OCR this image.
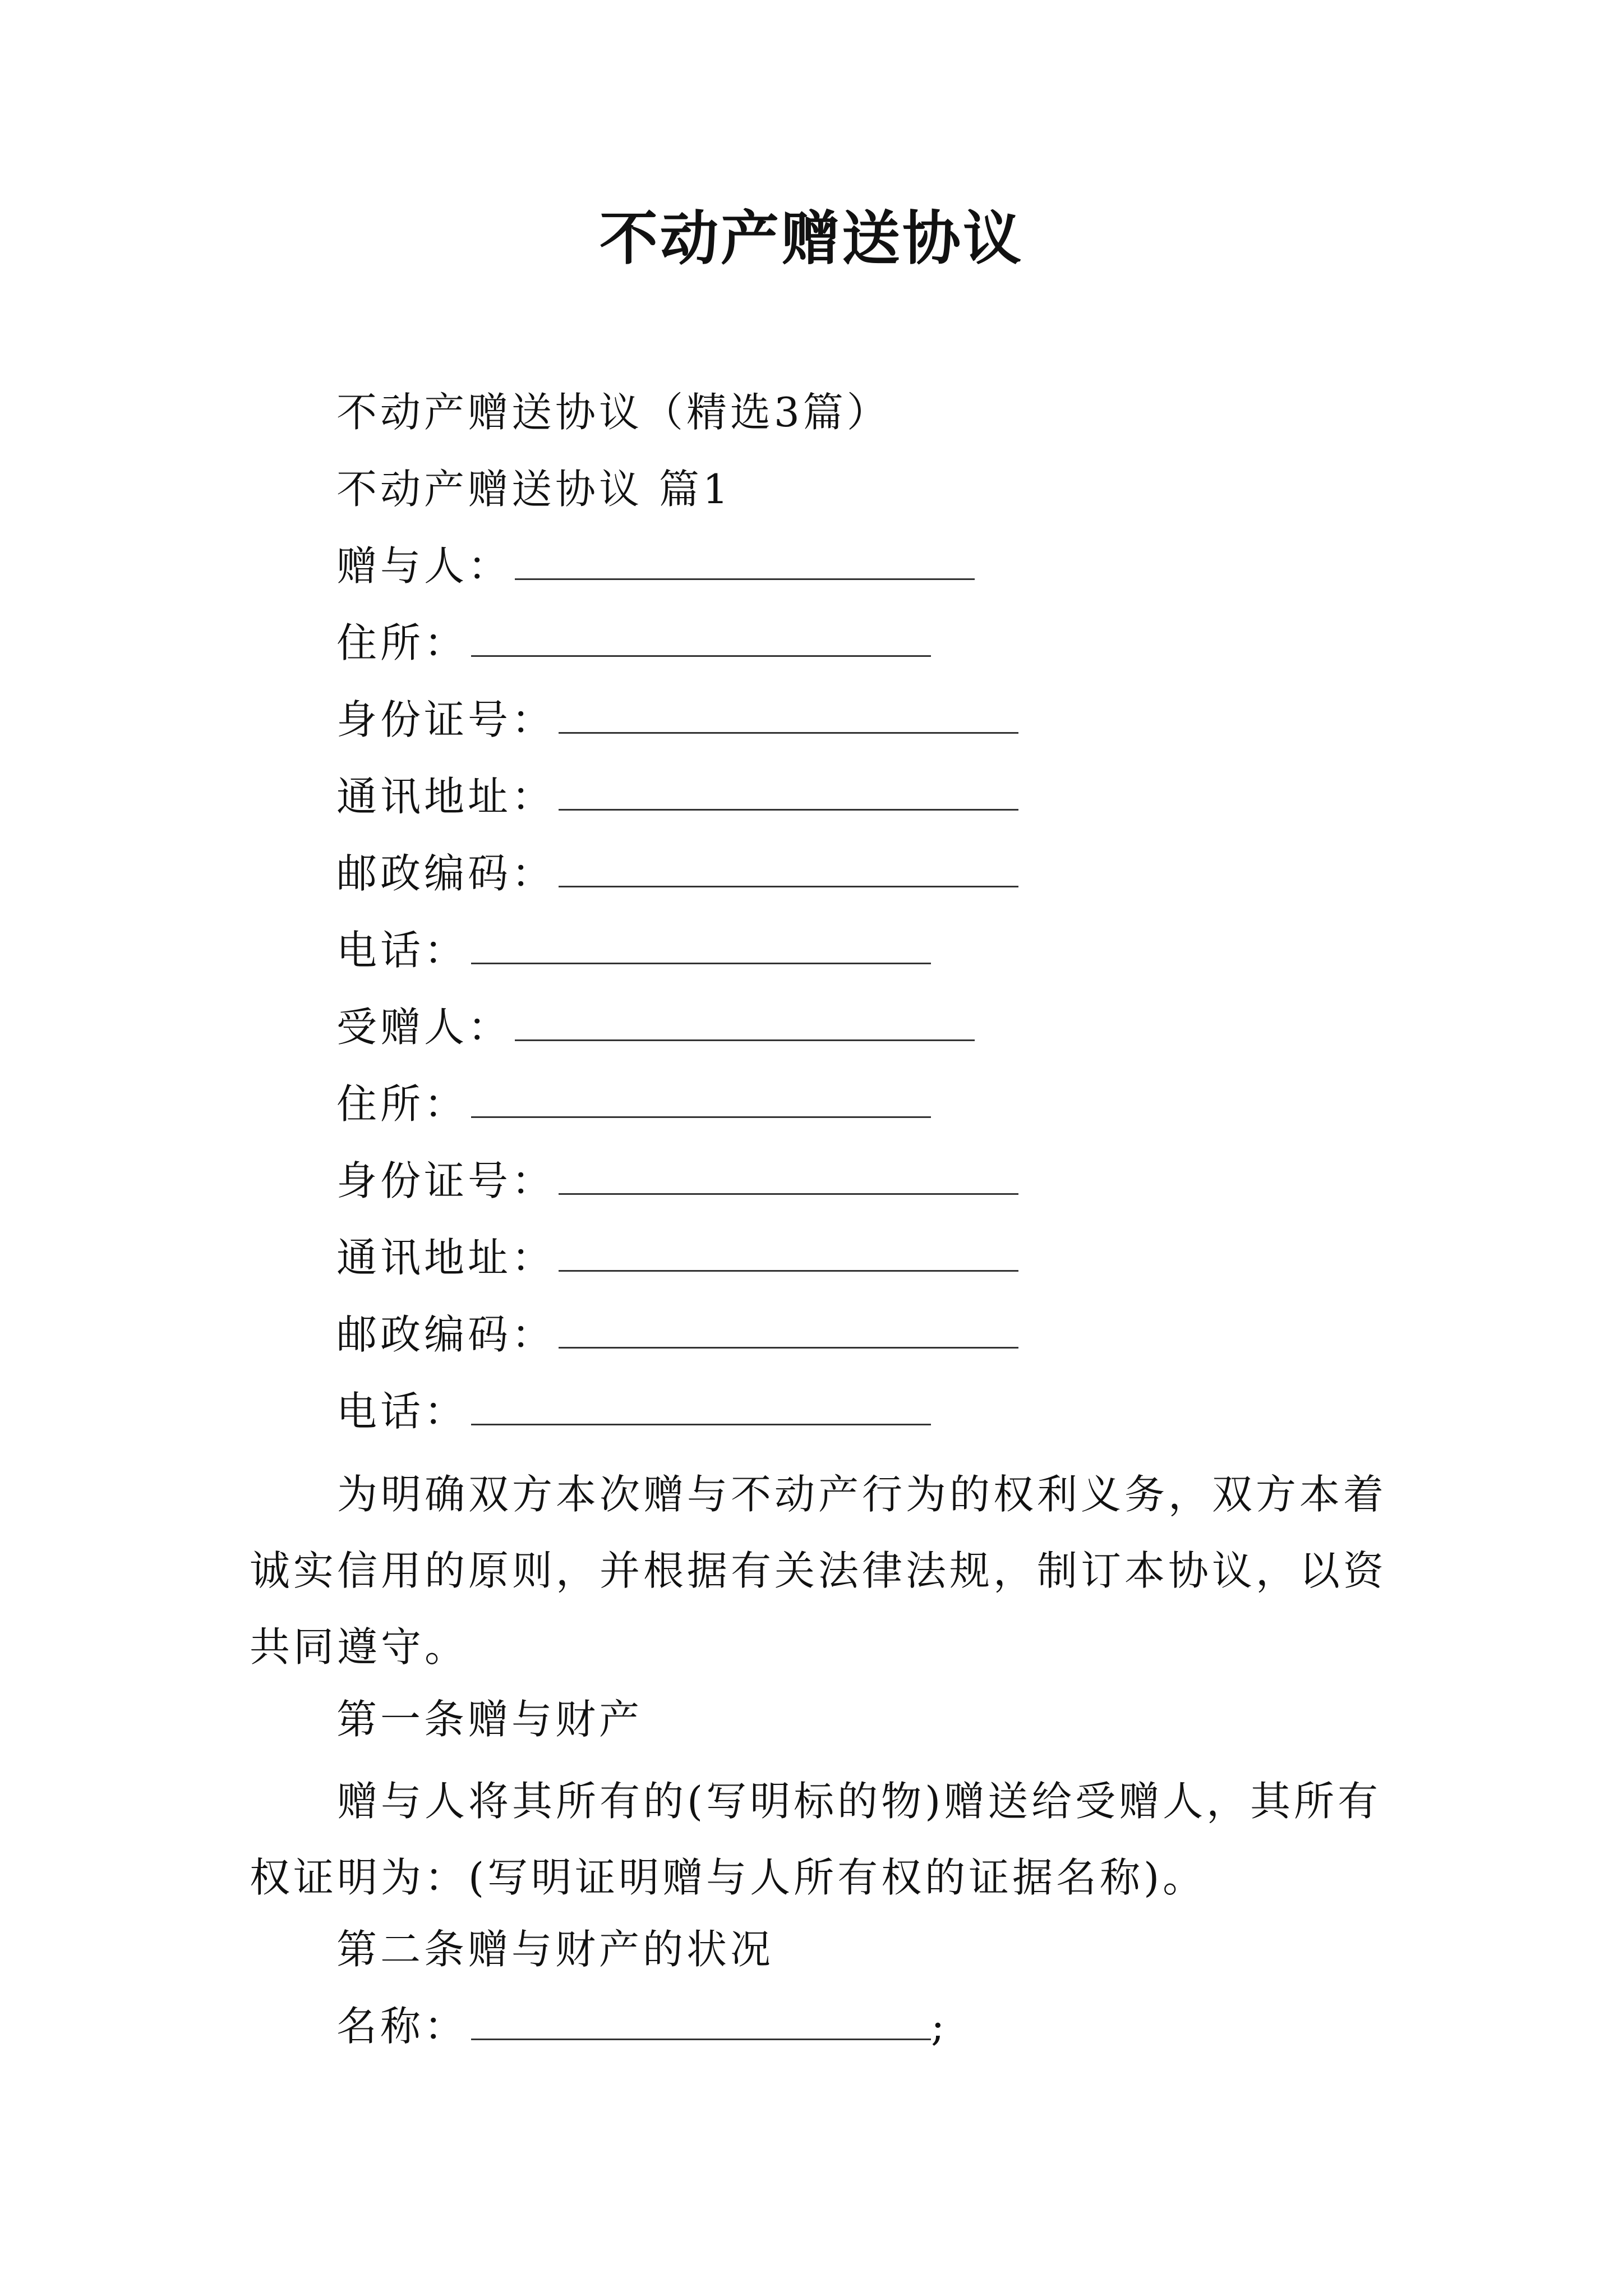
不动产赠送协议
不动产赠送协议（精选3篇）
不动产赠送协议 篇1
赠与人：
住所：
身份证号：
通讯地址：
邮政编码：
电话：
受赠人：
住所：
身份证号：
通讯地址：
邮政编码：
电话：
为明确双方本次赠与不动产行为的权利义务，双方本着诚实信用的原则，并根据有关法律法规，制订本协议，以资共同遵守。
第一条赠与财产
赠与人将其所有的(写明标的物)赠送给受赠人，其所有权证明为：(写明证明赠与人所有权的证据名称)。
第二条赠与财产的状况
名称：	;
